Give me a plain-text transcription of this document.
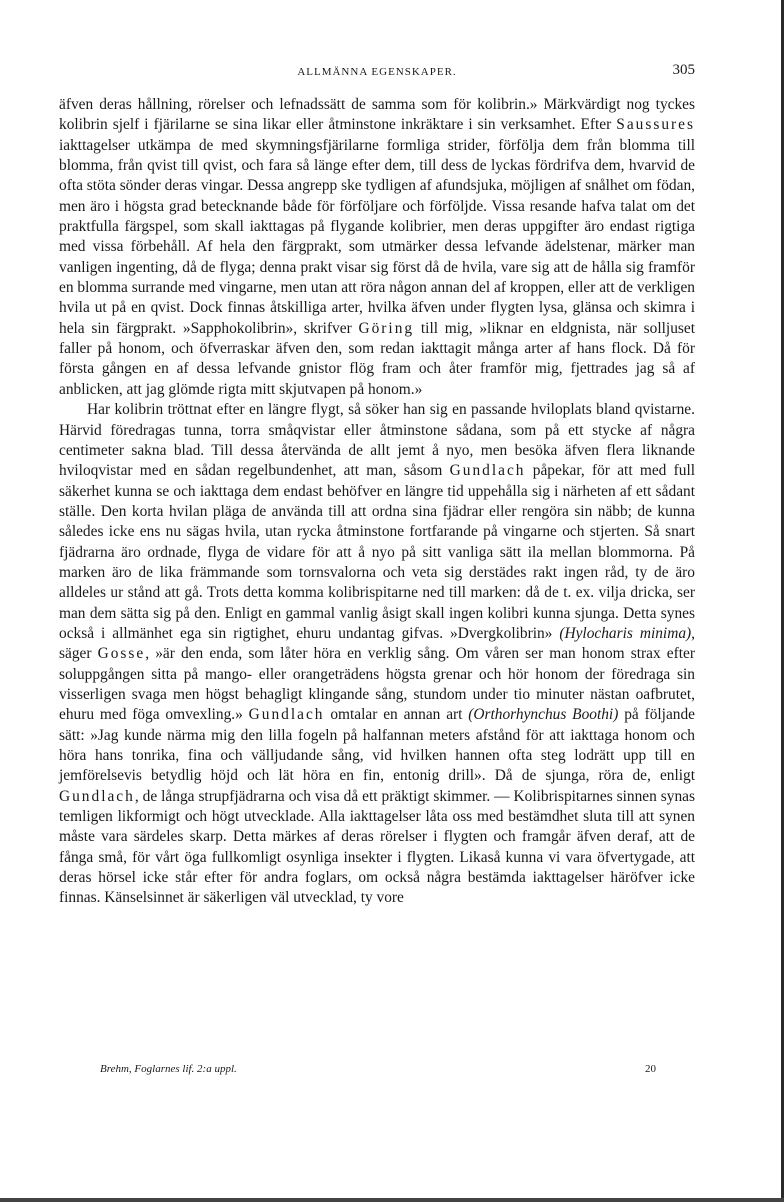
ALLMÄNNA EGENSKAPER.	305

äfven deras hållning, rörelser och lefnadssätt de samma som för kolibrin.» Märkvärdigt nog tyckes kolibrin sjelf i fjärilarne se sina likar eller åtminstone inkräktare i sin verksamhet. Efter Saussures iakttagelser utkämpa de med skymningsfjärilarne formliga strider, förfölja dem från blomma till blomma, från qvist till qvist, och fara så länge efter dem, till dess de lyckas fördrifva dem, hvarvid de ofta stöta sönder deras vingar. Dessa angrepp ske tydligen af afundsjuka, möjligen af snålhet om födan, men äro i högsta grad betecknande både för förföljare och förföljde. Vissa resande hafva talat om det praktfulla färgspel, som skall iakttagas på flygande kolibrier, men deras uppgifter äro endast rigtiga med vissa förbehåll. Af hela den färgprakt, som utmärker dessa lefvande ädelstenar, märker man vanligen ingenting, då de flyga; denna prakt visar sig först då de hvila, vare sig att de hålla sig framför en blomma surrande med vingarne, men utan att röra någon annan del af kroppen, eller att de verkligen hvila ut på en qvist. Dock finnas åtskilliga arter, hvilka äfven under flygten lysa, glänsa och skimra i hela sin färgprakt. »Sapphokolibrin», skrifver Göring till mig, »liknar en eldgnista, när solljuset faller på honom, och öfverraskar äfven den, som redan iakttagit många arter af hans flock. Då för första gången en af dessa lefvande gnistor flög fram och åter framför mig, fjettrades jag så af anblicken, att jag glömde rigta mitt skjutvapen på honom.»

Har kolibrin tröttnat efter en längre flygt, så söker han sig en passande hviloplats bland qvistarne. Härvid föredragas tunna, torra småqvistar eller åtminstone sådana, som på ett stycke af några centimeter sakna blad. Till dessa återvända de allt jemt å nyo, men besöka äfven flera liknande hviloqvistar med en sådan regelbundenhet, att man, såsom Gundlach påpekar, för att med full säkerhet kunna se och iakttaga dem endast behöfver en längre tid uppehålla sig i närheten af ett sådant ställe. Den korta hvilan pläga de använda till att ordna sina fjädrar eller rengöra sin näbb; de kunna således icke ens nu sägas hvila, utan rycka åtminstone fortfarande på vingarne och stjerten. Så snart fjädrarna äro ordnade, flyga de vidare för att å nyo på sitt vanliga sätt ila mellan blommorna. På marken äro de lika främmande som tornsvalorna och veta sig derstädes rakt ingen råd, ty de äro alldeles ur stånd att gå. Trots detta komma kolibrispitarne ned till marken: då de t. ex. vilja dricka, ser man dem sätta sig på den. Enligt en gammal vanlig åsigt skall ingen kolibri kunna sjunga. Detta synes också i allmänhet ega sin rigtighet, ehuru undantag gifvas. »Dvergkolibrin» (Hylocharis minima), säger Gosse, »är den enda, som låter höra en verklig sång. Om våren ser man honom strax efter soluppgången sitta på mango- eller orangeträdens högsta grenar och hör honom der föredraga sin visserligen svaga men högst behagligt klingande sång, stundom under tio minuter nästan oafbrutet, ehuru med föga omvexling.» Gundlach omtalar en annan art (Orthorhynchus Boothi) på följande sätt: »Jag kunde närma mig den lilla fogeln på halfannan meters afstånd för att iakttaga honom och höra hans tonrika, fina och välljudande sång, vid hvilken hannen ofta steg lodrätt upp till en jemförelsevis betydlig höjd och lät höra en fin, entonig drill». Då de sjunga, röra de, enligt Gundlach, de långa strupfjädrarna och visa då ett präktigt skimmer. — Kolibrispitarnes sinnen synas temligen likformigt och högt utvecklade. Alla iakttagelser låta oss med bestämdhet sluta till att synen måste vara särdeles skarp. Detta märkes af deras rörelser i flygten och framgår äfven deraf, att de fånga små, för vårt öga fullkomligt osynliga insekter i flygten. Likaså kunna vi vara öfvertygade, att deras hörsel icke står efter för andra foglars, om också några bestämda iakttagelser häröfver icke finnas. Känselsinnet är säkerligen väl utvecklad, ty vore

Brehm, Foglarnes lif. 2:a uppl.	20
